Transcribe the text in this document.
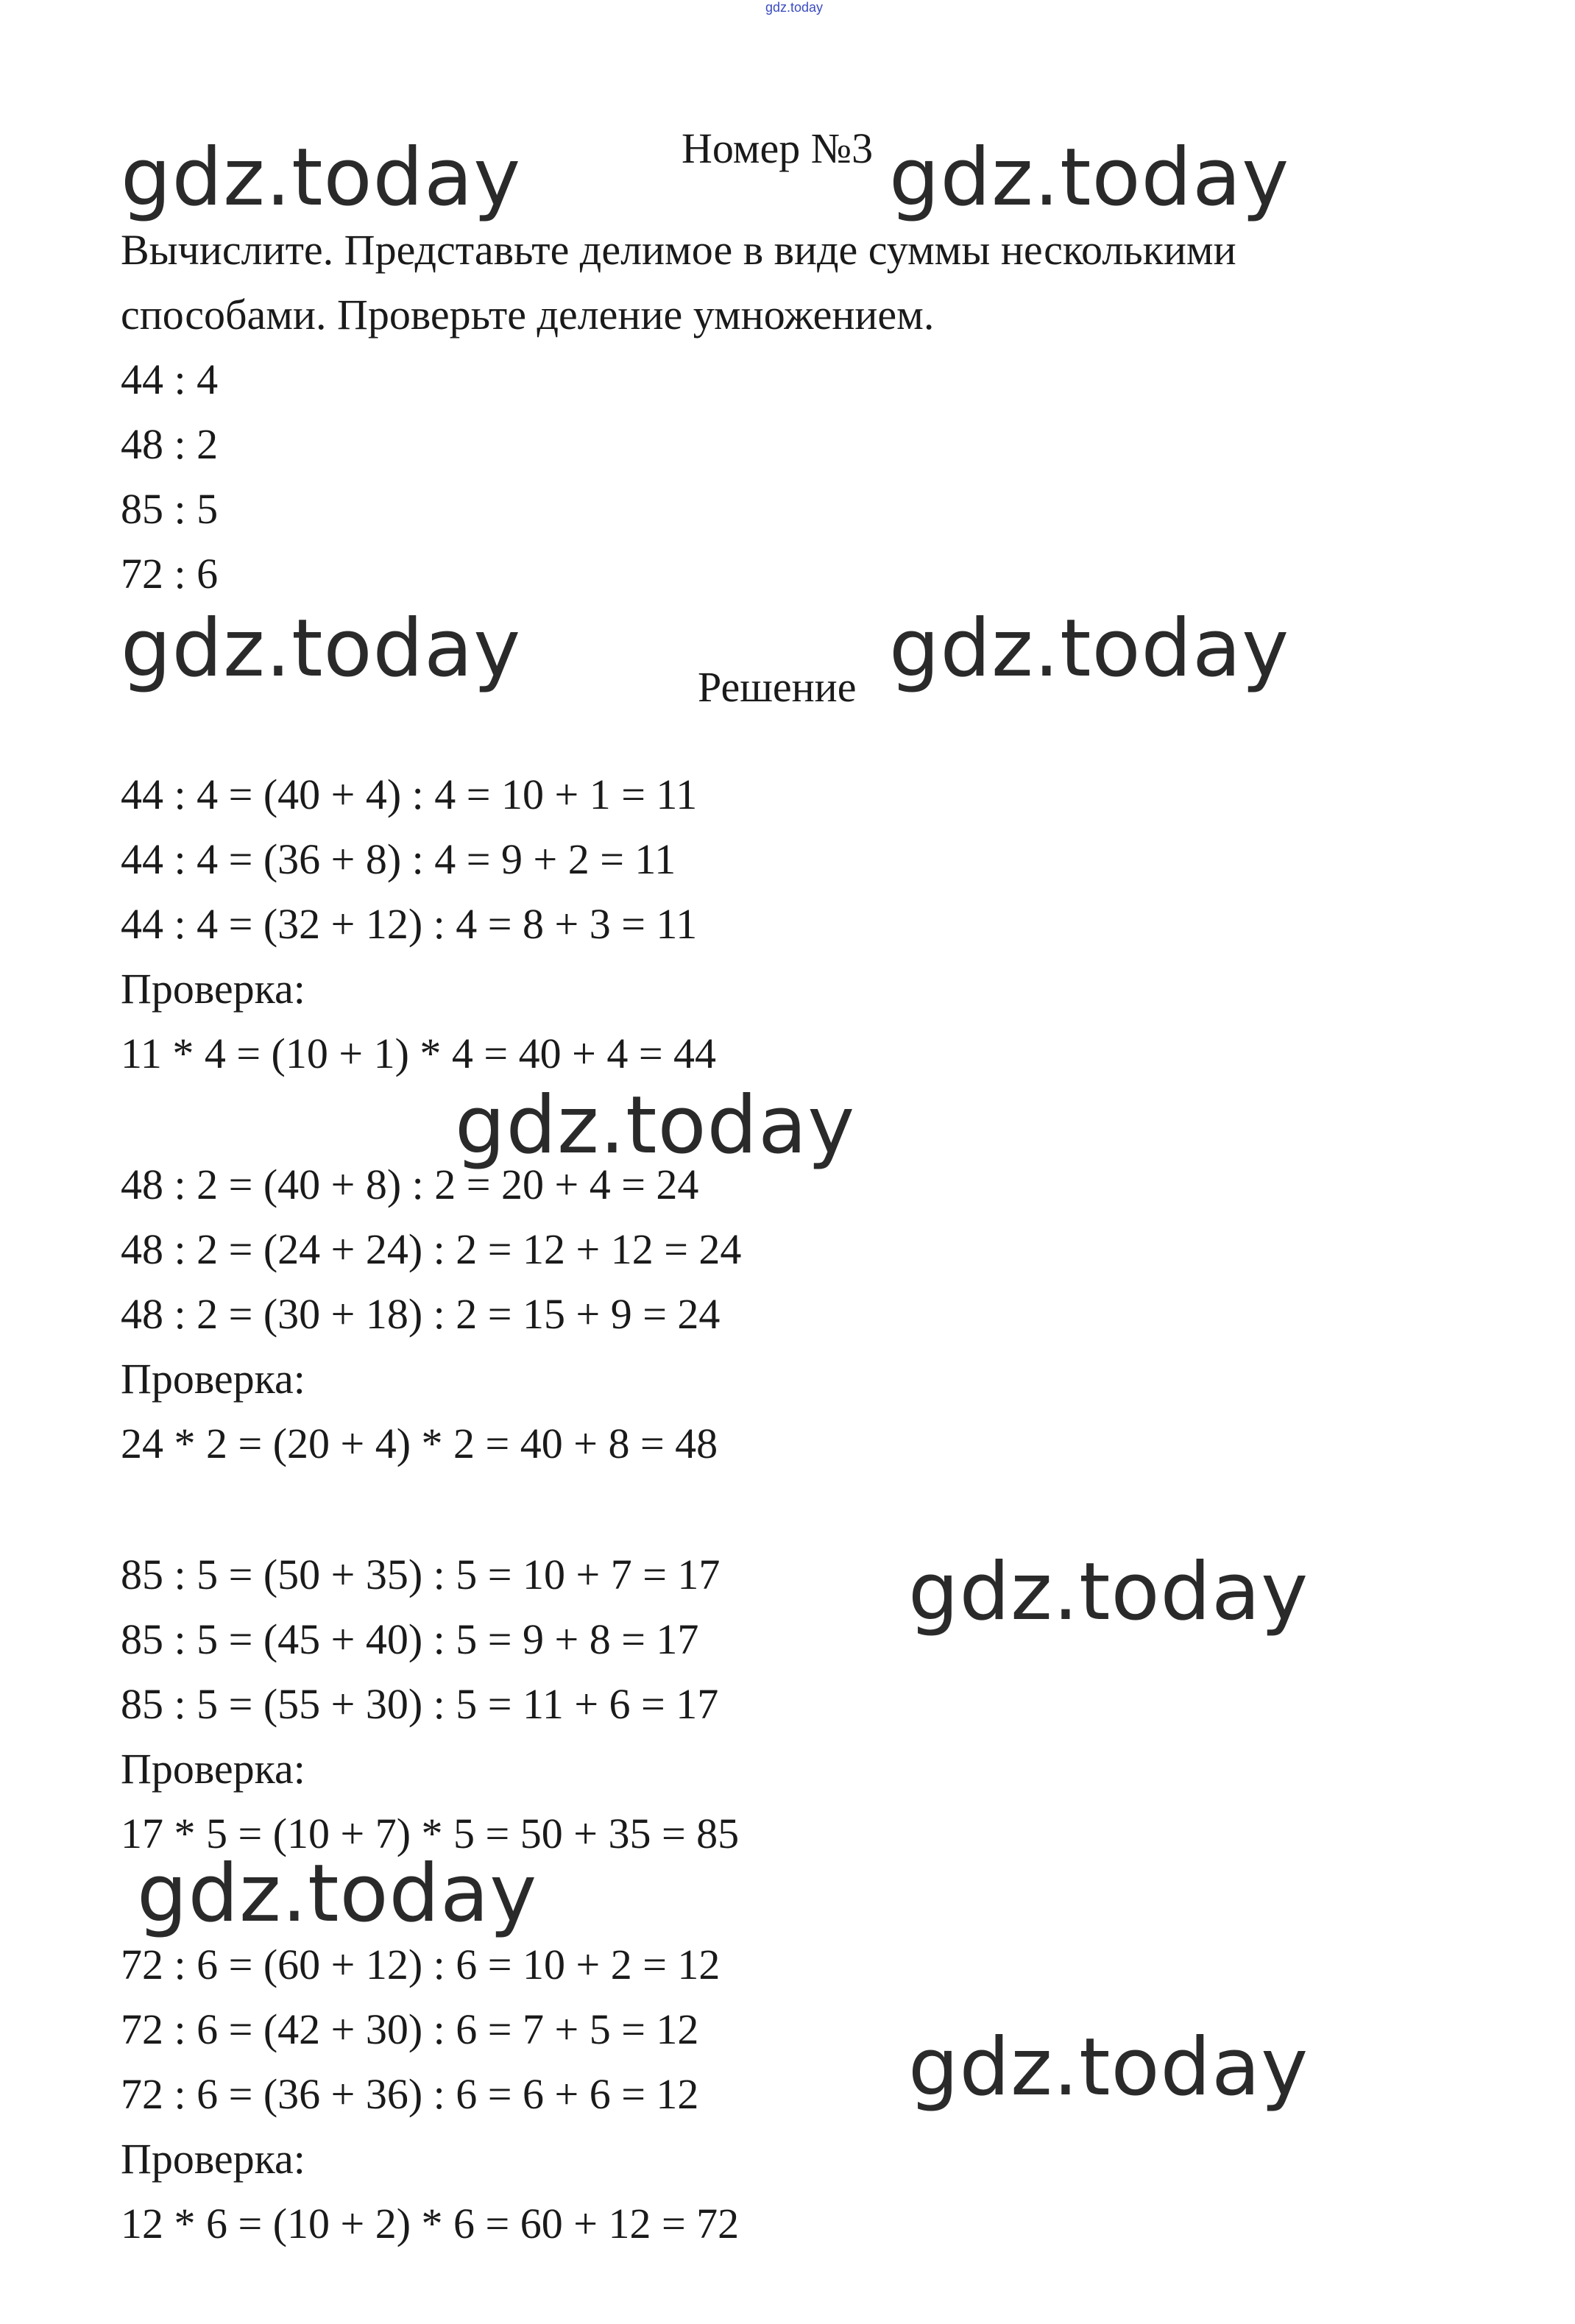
gdz.today
Номер №3
Вычислите. Представьте делимое в виде суммы несколькими
способами. Проверьте деление умножением.
44 : 4
48 : 2
85 : 5
72 : 6
Решение
44 : 4 = (40 + 4) : 4 = 10 + 1 = 11
44 : 4 = (36 + 8) : 4 = 9 + 2 = 11
44 : 4 = (32 + 12) : 4 = 8 + 3 = 11
Проверка:
11 * 4 = (10 + 1) * 4 = 40 + 4 = 44
48 : 2 = (40 + 8) : 2 = 20 + 4 = 24
48 : 2 = (24 + 24) : 2 = 12 + 12 = 24
48 : 2 = (30 + 18) : 2 = 15 + 9 = 24
Проверка:
24 * 2 = (20 + 4) * 2 = 40 + 8 = 48
85 : 5 = (50 + 35) : 5 = 10 + 7 = 17
85 : 5 = (45 + 40) : 5 = 9 + 8 = 17
85 : 5 = (55 + 30) : 5 = 11 + 6 = 17
Проверка:
17 * 5 = (10 + 7) * 5 = 50 + 35 = 85
72 : 6 = (60 + 12) : 6 = 10 + 2 = 12
72 : 6 = (42 + 30) : 6 = 7 + 5 = 12
72 : 6 = (36 + 36) : 6 = 6 + 6 = 12
Проверка:
12 * 6 = (10 + 2) * 6 = 60 + 12 = 72
gdz.today	gdz.today
gdz.today	gdz.today
gdz.today
gdz.today
gdz.today
gdz.today
